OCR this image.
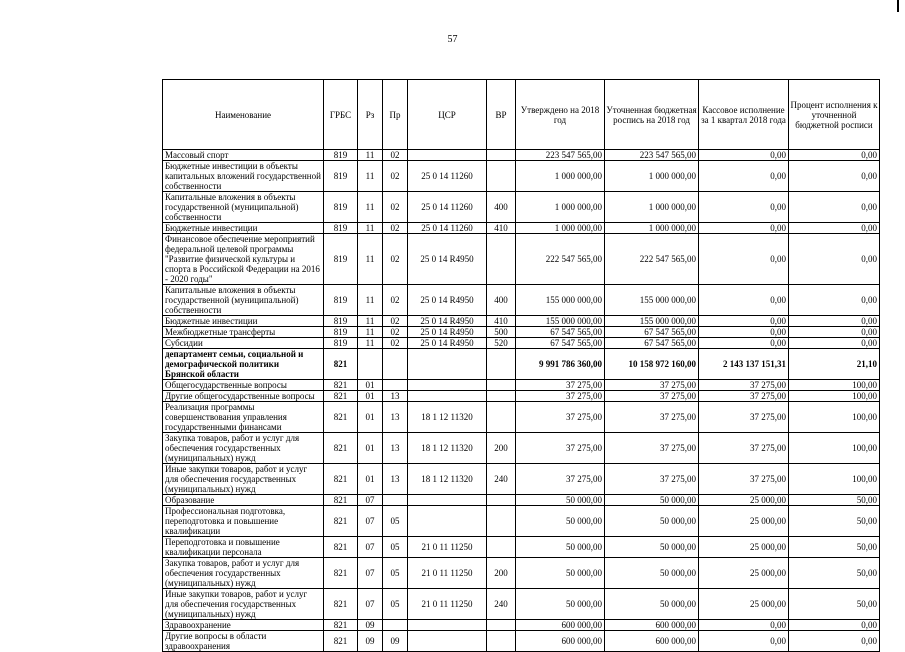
57
Наименование	ГРБС	Рз	Пр	ЦСР	ВР	Утверждено на 2018 год	Уточненная бюджетная роспись на 2018 год	Кассовое исполнение за 1 квартал 2018 года	Процент исполнения к уточненной бюджетной росписи
Массовый спорт	819	11	02			223 547 565,00	223 547 565,00	0,00	0,00
Бюджетные инвестиции в объекты капитальных вложений государственной собственности	819	11	02	25 0 14 11260		1 000 000,00	1 000 000,00	0,00	0,00
Капитальные вложения в объекты государственной (муниципальной) собственности	819	11	02	25 0 14 11260	400	1 000 000,00	1 000 000,00	0,00	0,00
Бюджетные инвестиции	819	11	02	25 0 14 11260	410	1 000 000,00	1 000 000,00	0,00	0,00
Финансовое обеспечение мероприятий федеральной целевой программы "Развитие физической культуры и спорта в Российской Федерации на 2016 - 2020 годы"	819	11	02	25 0 14 R4950		222 547 565,00	222 547 565,00	0,00	0,00
Капитальные вложения в объекты государственной (муниципальной) собственности	819	11	02	25 0 14 R4950	400	155 000 000,00	155 000 000,00	0,00	0,00
Бюджетные инвестиции	819	11	02	25 0 14 R4950	410	155 000 000,00	155 000 000,00	0,00	0,00
Межбюджетные трансферты	819	11	02	25 0 14 R4950	500	67 547 565,00	67 547 565,00	0,00	0,00
Субсидии	819	11	02	25 0 14 R4950	520	67 547 565,00	67 547 565,00	0,00	0,00
департамент семьи, социальной и демографической политики Брянской области	821					9 991 786 360,00	10 158 972 160,00	2 143 137 151,31	21,10
Общегосударственные вопросы	821	01				37 275,00	37 275,00	37 275,00	100,00
Другие общегосударственные вопросы	821	01	13			37 275,00	37 275,00	37 275,00	100,00
Реализация программы совершенствования управления государственными финансами	821	01	13	18 1 12 11320		37 275,00	37 275,00	37 275,00	100,00
Закупка товаров, работ и услуг для обеспечения государственных (муниципальных) нужд	821	01	13	18 1 12 11320	200	37 275,00	37 275,00	37 275,00	100,00
Иные закупки товаров, работ и услуг для обеспечения государственных (муниципальных) нужд	821	01	13	18 1 12 11320	240	37 275,00	37 275,00	37 275,00	100,00
Образование	821	07				50 000,00	50 000,00	25 000,00	50,00
Профессиональная подготовка, переподготовка и повышение квалификации	821	07	05			50 000,00	50 000,00	25 000,00	50,00
Переподготовка и повышение квалификации персонала	821	07	05	21 0 11 11250		50 000,00	50 000,00	25 000,00	50,00
Закупка товаров, работ и услуг для обеспечения государственных (муниципальных) нужд	821	07	05	21 0 11 11250	200	50 000,00	50 000,00	25 000,00	50,00
Иные закупки товаров, работ и услуг для обеспечения государственных (муниципальных) нужд	821	07	05	21 0 11 11250	240	50 000,00	50 000,00	25 000,00	50,00
Здравоохранение	821	09				600 000,00	600 000,00	0,00	0,00
Другие вопросы в области здравоохранения	821	09	09			600 000,00	600 000,00	0,00	0,00
